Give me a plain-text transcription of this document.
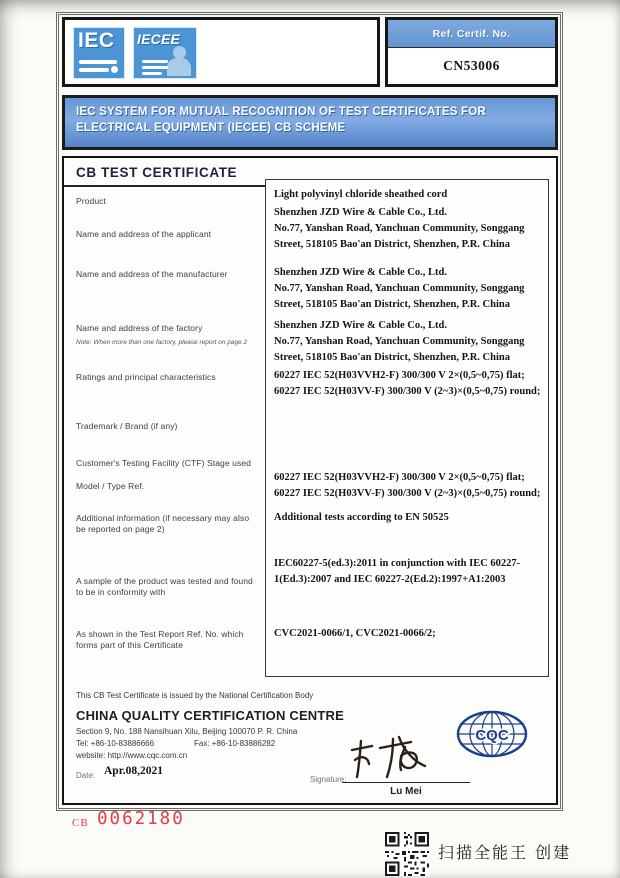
IEC IECEE	Ref. Certif. No.
CN53006
IEC SYSTEM FOR MUTUAL RECOGNITION OF TEST CERTIFICATES FOR ELECTRICAL EQUIPMENT (IECEE) CB SCHEME
CB TEST CERTIFICATE
Product
Name and address of the applicant
Name and address of the manufacturer
Name and address of the factory
Note: When more than one factory, please report on page 2
Ratings and principal characteristics
Trademark / Brand (if any)
Customer's Testing Facility (CTF) Stage used
Model / Type Ref.
Additional information (if necessary may also be reported on page 2)
A sample of the product was tested and found to be in conformity with
As shown in the Test Report Ref. No. which forms part of this Certificate
Light polyvinyl chloride sheathed cord
Shenzhen JZD Wire & Cable Co., Ltd.
No.77, Yanshan Road, Yanchuan Community, Songgang Street, 518105 Bao'an District, Shenzhen, P.R. China
Shenzhen JZD Wire & Cable Co., Ltd.
No.77, Yanshan Road, Yanchuan Community, Songgang Street, 518105 Bao'an District, Shenzhen, P.R. China
Shenzhen JZD Wire & Cable Co., Ltd.
No.77, Yanshan Road, Yanchuan Community, Songgang Street, 518105 Bao'an District, Shenzhen, P.R. China
60227 IEC 52(H03VVH2-F) 300/300 V 2×(0,5~0,75) flat;
60227 IEC 52(H03VV-F) 300/300 V (2~3)×(0,5~0,75) round;
60227 IEC 52(H03VVH2-F) 300/300 V 2×(0,5~0,75) flat;
60227 IEC 52(H03VV-F) 300/300 V (2~3)×(0,5~0,75) round;
Additional tests according to EN 50525
IEC60227-5(ed.3):2011 in conjunction with IEC 60227-1(Ed.3):2007 and IEC 60227-2(Ed.2):1997+A1:2003
CVC2021-0066/1, CVC2021-0066/2;
This CB Test Certificate is issued by the National Certification Body
CHINA QUALITY CERTIFICATION CENTRE
Section 9, No. 188 Nansihuan Xilu, Beijing 100070 P. R. China
Tel: +86-10-83886666	Fax: +86-10-83886282
website: http://www.cqc.com.cn
CQC
Date: Apr.08,2021
Signature:
Lu Mei
CB 0062180
扫描全能王 创建
